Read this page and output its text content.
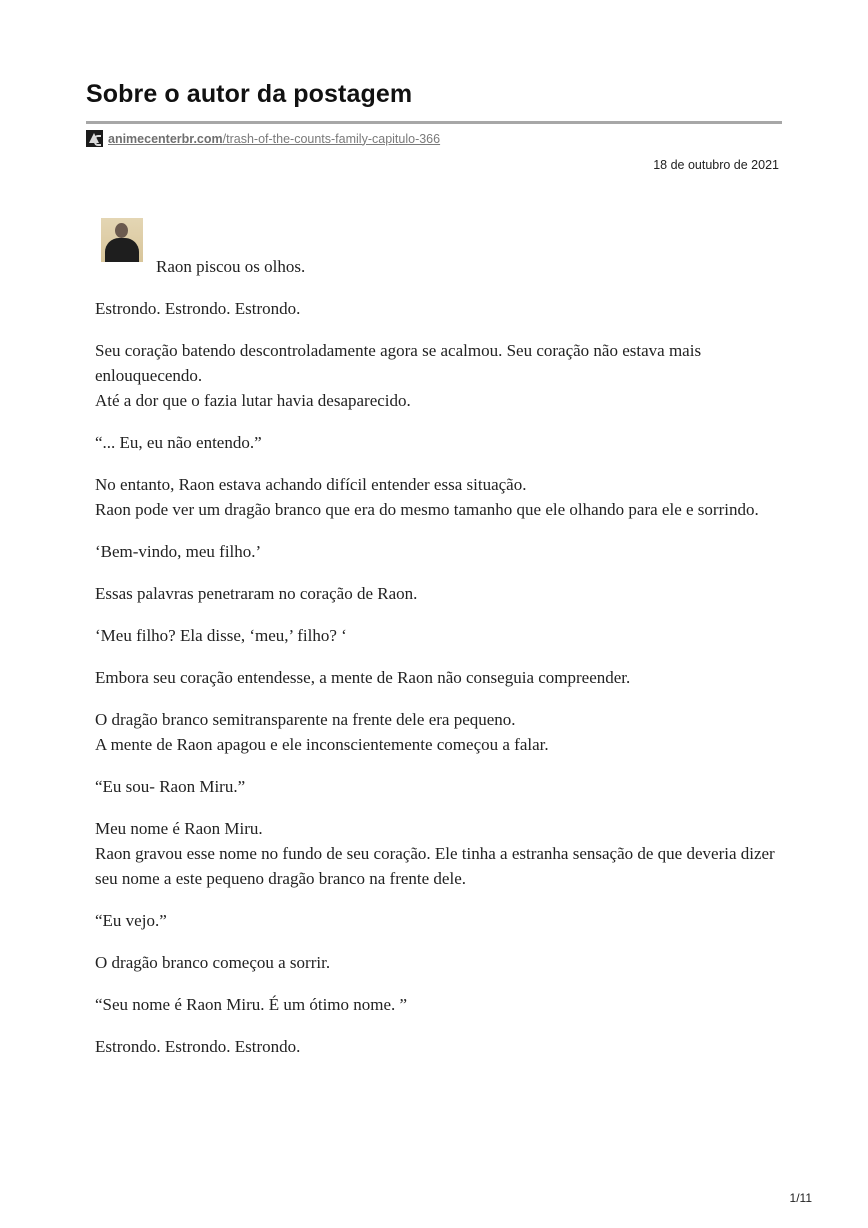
Sobre o autor da postagem
animecenterbr.com/trash-of-the-counts-family-capitulo-366
18 de outubro de 2021

Raon piscou os olhos.

Estrondo. Estrondo. Estrondo.

Seu coração batendo descontroladamente agora se acalmou. Seu coração não estava mais enlouquecendo.
Até a dor que o fazia lutar havia desaparecido.

“... Eu, eu não entendo.”

No entanto, Raon estava achando difícil entender essa situação.
Raon pode ver um dragão branco que era do mesmo tamanho que ele olhando para ele e sorrindo.

‘Bem-vindo, meu filho.’

Essas palavras penetraram no coração de Raon.

‘Meu filho? Ela disse, ‘meu,’ filho? ‘

Embora seu coração entendesse, a mente de Raon não conseguia compreender.

O dragão branco semitransparente na frente dele era pequeno.
A mente de Raon apagou e ele inconscientemente começou a falar.

“Eu sou- Raon Miru.”

Meu nome é Raon Miru.
Raon gravou esse nome no fundo de seu coração. Ele tinha a estranha sensação de que deveria dizer seu nome a este pequeno dragão branco na frente dele.

“Eu vejo.”

O dragão branco começou a sorrir.

“Seu nome é Raon Miru. É um ótimo nome. ”

Estrondo. Estrondo. Estrondo.

1/11
